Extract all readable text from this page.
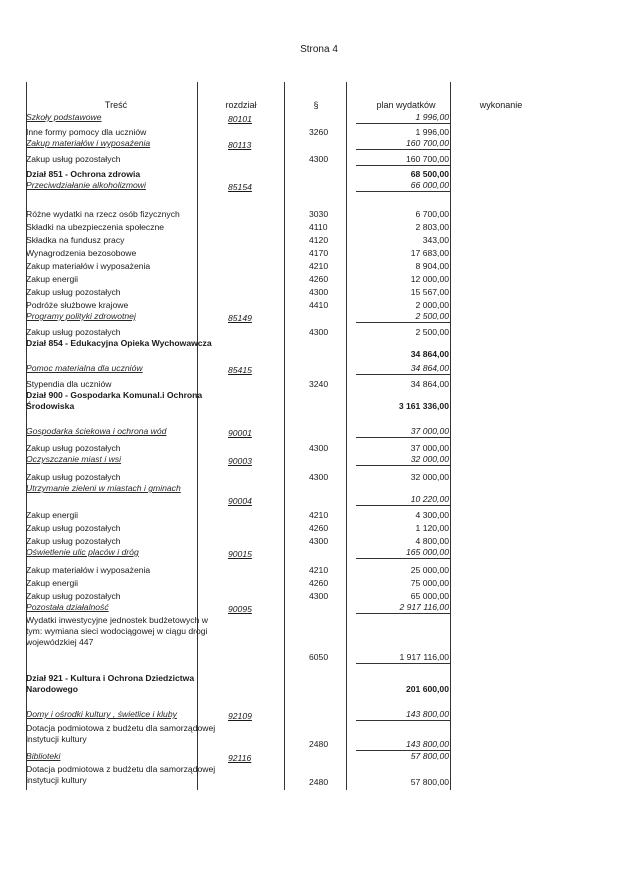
Strona 4
Treść	rozdział	§	plan wydatków	wykonanie
Szkoły podstawowe	80101	1 996,00
Inne formy pomocy dla uczniów	3260	1 996,00
Zakup materiałów i wyposażenia	80113	160 700,00
Zakup usług pozostałych	4300	160 700,00
Dział 851 - Ochrona zdrowia	68 500,00
Przeciwdziałanie alkoholizmowi	85154	66 000,00
Różne wydatki na rzecz osób fizycznych	3030	6 700,00
Składki na ubezpieczenia społeczne	4110	2 803,00
Składka na fundusz pracy	4120	343,00
Wynagrodzenia bezosobowe	4170	17 683,00
Zakup materiałów i wyposażenia	4210	8 904,00
Zakup energii	4260	12 000,00
Zakup usług pozostałych	4300	15 567,00
Podróże służbowe krajowe	4410	2 000,00
Programy polityki zdrowotnej	85149	2 500,00
Zakup usług pozostałych	4300	2 500,00
Dział 854 - Edukacyjna Opieka Wychowawcza
34 864,00
Pomoc materialna dla uczniów	85415	34 864,00
Stypendia dla uczniów	3240	34 864,00
Dział 900 - Gospodarka Komunal.i Ochrona Środowiska	3 161 336,00
Gospodarka ściekowa i ochrona wód	90001	37 000,00
Zakup usług pozostałych	4300	37 000,00
Oczyszczanie miast i wsi	90003	32 000,00
Zakup usług pozostałych	4300	32 000,00
Utrzymanie zieleni w miastach i gminach
90004	10 220,00
Zakup energii	4210	4 300,00
Zakup usług pozostałych	4260	1 120,00
Zakup usług pozostałych	4300	4 800,00
Oświetlenie ulic placów i dróg	90015	165 000,00
Zakup materiałów i wyposażenia	4210	25 000,00
Zakup energii	4260	75 000,00
Zakup usług pozostałych	4300	65 000,00
Pozostała działalność	90095	2 917 116,00
Wydatki inwestycyjne jednostek budżetowych w tym: wymiana sieci wodociągowej w ciągu drogi wojewódzkiej 447
6050	1 917 116,00
Dział 921 - Kultura i Ochrona Dziedzictwa Narodowego	201 600,00
Domy i ośrodki kultury , świetlice i kluby	92109	143 800,00
Dotacja podmiotowa z budżetu dla samorządowej instytucji kultury	2480	143 800,00
Biblioteki	92116	57 800,00
Dotacja podmiotowa z budżetu dla samorządowej instytucji kultury	2480	57 800,00
